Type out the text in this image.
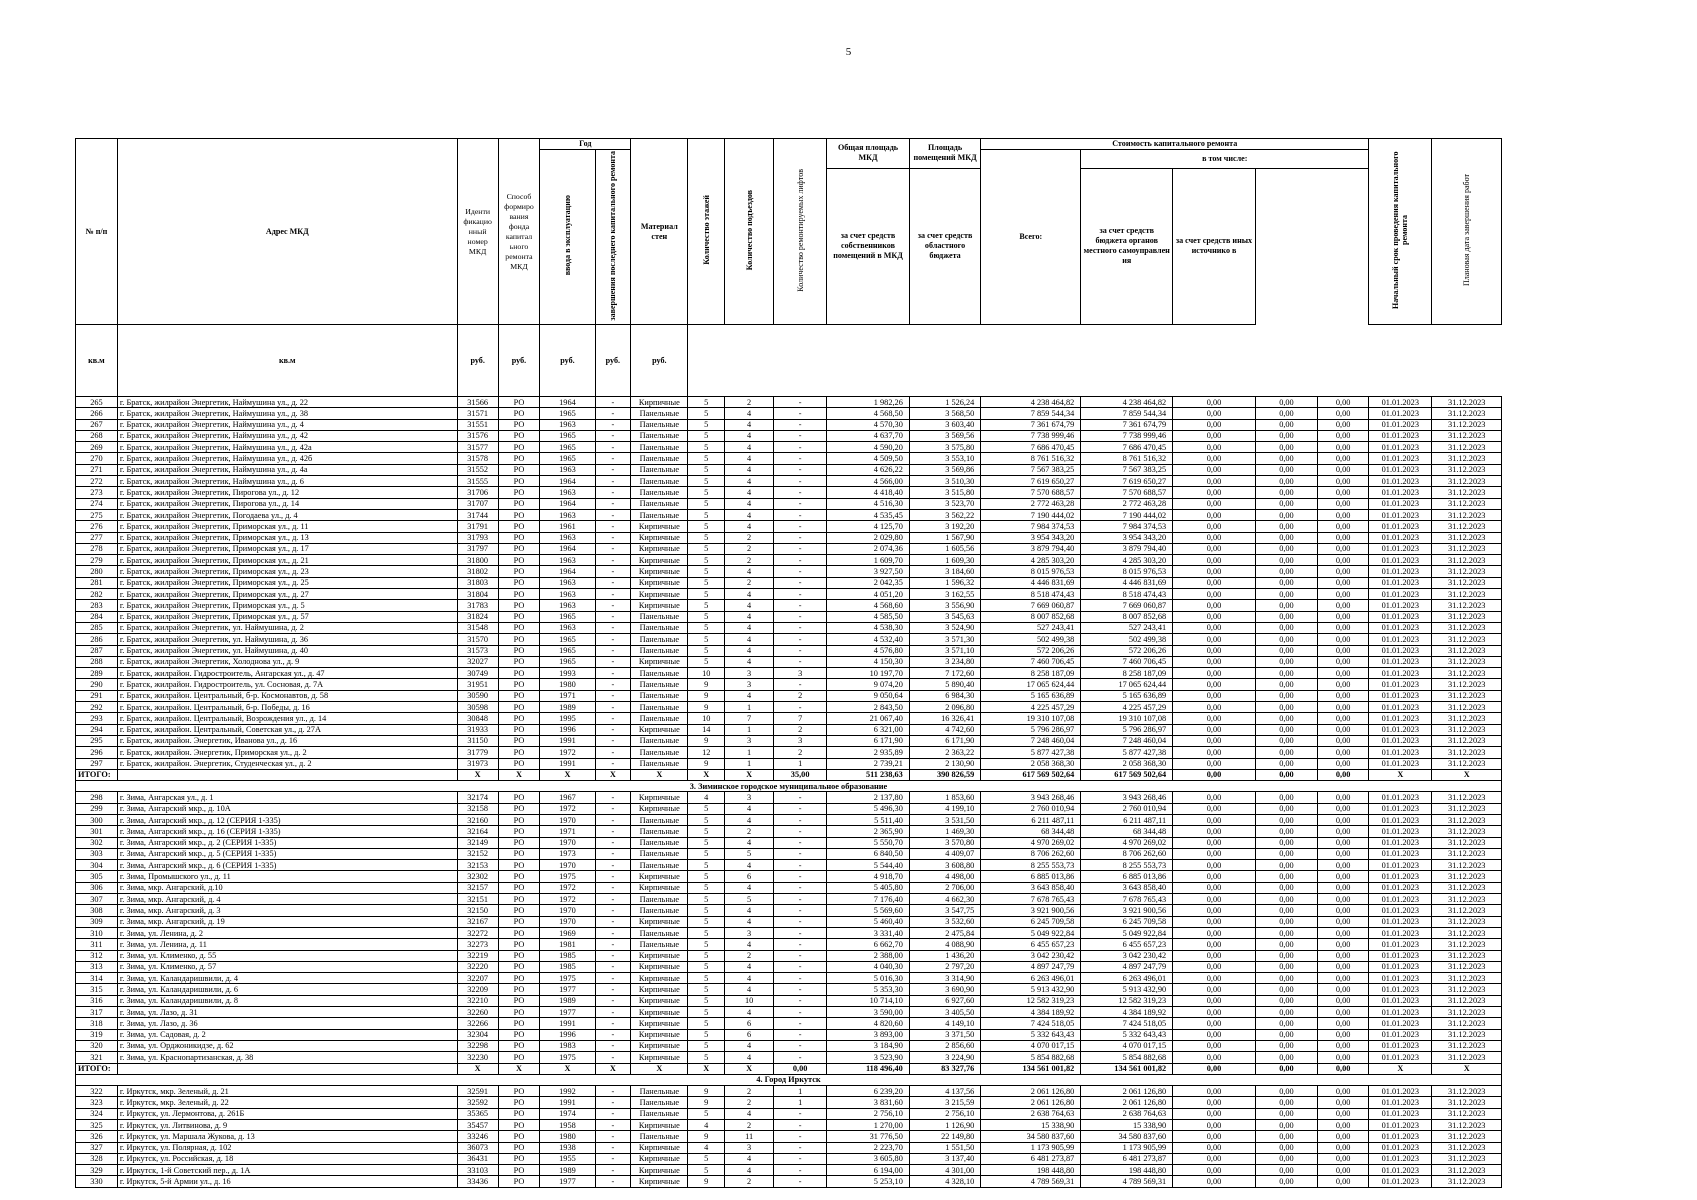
5
№ п/п	Адрес МКД	Иденти фикацио нный номер МКД	Способ формиро вания фонда капитал ьного ремонта МКД	Год		Материал стен	Количество этажей	Количество подъездов	Количество ремонтируемых лифтов	Общая площадь МКД	Площадь помещений МКД	Стоимость капитального ремонта					Начальный срок проведения капитального ремонта	Плановая дата завершения работ
				ввода в эксплуатацию	завершения последнего капитального ремонта							Всего:	в том числе:					
										за счет средств собственников помещений в МКД	за счет средств областного бюджета		за счет средств бюджета органов местного самоуправлен ия	за счет средств иных источнико в				
кв.м	кв.м	руб.	руб.	руб.	руб.	руб.												
265	г. Братск, жилрайон Энергетик, Наймушина ул., д. 22	31566	РО	1964	-	Кирпичные	5	2	-	1 982,26	1 526,24	4 238 464,82	4 238 464,82	0,00	0,00	0,00	01.01.2023	31.12.2023
266	г. Братск, жилрайон Энергетик, Наймушина ул., д. 38	31571	РО	1965	-	Панельные	5	4	-	4 568,50	3 568,50	7 859 544,34	7 859 544,34	0,00	0,00	0,00	01.01.2023	31.12.2023
267	г. Братск, жилрайон Энергетик, Наймушина ул., д. 4	31551	РО	1963	-	Панельные	5	4	-	4 570,30	3 603,40	7 361 674,79	7 361 674,79	0,00	0,00	0,00	01.01.2023	31.12.2023
268	г. Братск, жилрайон Энергетик, Наймушина ул., д. 42	31576	РО	1965	-	Панельные	5	4	-	4 637,70	3 569,56	7 738 999,46	7 738 999,46	0,00	0,00	0,00	01.01.2023	31.12.2023
269	г. Братск, жилрайон Энергетик, Наймушина ул., д. 42а	31577	РО	1965	-	Панельные	5	4	-	4 590,20	3 575,80	7 686 470,45	7 686 470,45	0,00	0,00	0,00	01.01.2023	31.12.2023
270	г. Братск, жилрайон Энергетик, Наймушина ул., д. 42б	31578	РО	1965	-	Панельные	5	4	-	4 509,50	3 553,10	8 761 516,32	8 761 516,32	0,00	0,00	0,00	01.01.2023	31.12.2023
271	г. Братск, жилрайон Энергетик, Наймушина ул., д. 4а	31552	РО	1963	-	Панельные	5	4	-	4 626,22	3 569,86	7 567 383,25	7 567 383,25	0,00	0,00	0,00	01.01.2023	31.12.2023
272	г. Братск, жилрайон Энергетик, Наймушина ул., д. 6	31555	РО	1964	-	Панельные	5	4	-	4 566,00	3 510,30	7 619 650,27	7 619 650,27	0,00	0,00	0,00	01.01.2023	31.12.2023
273	г. Братск, жилрайон Энергетик, Пирогова ул., д. 12	31706	РО	1963	-	Панельные	5	4	-	4 418,40	3 515,80	7 570 688,57	7 570 688,57	0,00	0,00	0,00	01.01.2023	31.12.2023
274	г. Братск, жилрайон Энергетик, Пирогова ул., д. 14	31707	РО	1964	-	Панельные	5	4	-	4 516,30	3 523,70	2 772 463,28	2 772 463,28	0,00	0,00	0,00	01.01.2023	31.12.2023
275	г. Братск, жилрайон Энергетик, Погодаева ул., д. 4	31744	РО	1963	-	Панельные	5	4	-	4 535,45	3 562,22	7 190 444,02	7 190 444,02	0,00	0,00	0,00	01.01.2023	31.12.2023
276	г. Братск, жилрайон Энергетик, Приморская ул., д. 11	31791	РО	1961	-	Кирпичные	5	4	-	4 125,70	3 192,20	7 984 374,53	7 984 374,53	0,00	0,00	0,00	01.01.2023	31.12.2023
277	г. Братск, жилрайон Энергетик, Приморская ул., д. 13	31793	РО	1963	-	Кирпичные	5	2	-	2 029,80	1 567,90	3 954 343,20	3 954 343,20	0,00	0,00	0,00	01.01.2023	31.12.2023
278	г. Братск, жилрайон Энергетик, Приморская ул., д. 17	31797	РО	1964	-	Кирпичные	5	2	-	2 074,36	1 605,56	3 879 794,40	3 879 794,40	0,00	0,00	0,00	01.01.2023	31.12.2023
279	г. Братск, жилрайон Энергетик, Приморская ул., д. 21	31800	РО	1963	-	Кирпичные	5	2	-	1 609,70	1 609,30	4 285 303,20	4 285 303,20	0,00	0,00	0,00	01.01.2023	31.12.2023
280	г. Братск, жилрайон Энергетик, Приморская ул., д. 23	31802	РО	1964	-	Кирпичные	5	4	-	3 927,50	3 184,60	8 015 976,53	8 015 976,53	0,00	0,00	0,00	01.01.2023	31.12.2023
281	г. Братск, жилрайон Энергетик, Приморская ул., д. 25	31803	РО	1963	-	Кирпичные	5	2	-	2 042,35	1 596,32	4 446 831,69	4 446 831,69	0,00	0,00	0,00	01.01.2023	31.12.2023
282	г. Братск, жилрайон Энергетик, Приморская ул., д. 27	31804	РО	1963	-	Кирпичные	5	4	-	4 051,20	3 162,55	8 518 474,43	8 518 474,43	0,00	0,00	0,00	01.01.2023	31.12.2023
283	г. Братск, жилрайон Энергетик, Приморская ул., д. 5	31783	РО	1963	-	Кирпичные	5	4	-	4 568,60	3 556,90	7 669 060,87	7 669 060,87	0,00	0,00	0,00	01.01.2023	31.12.2023
284	г. Братск, жилрайон Энергетик, Приморская ул., д. 57	31824	РО	1965	-	Панельные	5	4	-	4 585,50	3 545,63	8 007 852,68	8 007 852,68	0,00	0,00	0,00	01.01.2023	31.12.2023
285	г. Братск, жилрайон Энергетик, ул. Наймушина, д. 2	31548	РО	1963	-	Панельные	5	4	-	4 538,30	3 524,90	527 243,41	527 243,41	0,00	0,00	0,00	01.01.2023	31.12.2023
286	г. Братск, жилрайон Энергетик, ул. Наймушина, д. 36	31570	РО	1965	-	Панельные	5	4	-	4 532,40	3 571,30	502 499,38	502 499,38	0,00	0,00	0,00	01.01.2023	31.12.2023
287	г. Братск, жилрайон Энергетик, ул. Наймушина, д. 40	31573	РО	1965	-	Панельные	5	4	-	4 576,80	3 571,10	572 206,26	572 206,26	0,00	0,00	0,00	01.01.2023	31.12.2023
288	г. Братск, жилрайон Энергетик, Холоднова ул., д. 9	32027	РО	1965	-	Кирпичные	5	4	-	4 150,30	3 234,80	7 460 706,45	7 460 706,45	0,00	0,00	0,00	01.01.2023	31.12.2023
289	г. Братск, жилрайон. Гидростроитель, Ангарская ул., д. 47	30749	РО	1993	-	Панельные	10	3	3	10 197,70	7 172,60	8 258 187,09	8 258 187,09	0,00	0,00	0,00	01.01.2023	31.12.2023
290	г. Братск, жилрайон. Гидростроитель, ул. Сосновая, д. 7А	31951	РО	1980	-	Панельные	9	3	-	9 074,20	5 890,40	17 065 624,44	17 065 624,44	0,00	0,00	0,00	01.01.2023	31.12.2023
291	г. Братск, жилрайон. Центральный, б-р. Космонавтов, д. 58	30590	РО	1971	-	Панельные	9	4	2	9 050,64	6 984,30	5 165 636,89	5 165 636,89	0,00	0,00	0,00	01.01.2023	31.12.2023
292	г. Братск, жилрайон. Центральный, б-р. Победы, д. 16	30598	РО	1989	-	Панельные	9	1	-	2 843,50	2 096,80	4 225 457,29	4 225 457,29	0,00	0,00	0,00	01.01.2023	31.12.2023
293	г. Братск, жилрайон. Центральный, Возрождения ул., д. 14	30848	РО	1995	-	Панельные	10	7	7	21 067,40	16 326,41	19 310 107,08	19 310 107,08	0,00	0,00	0,00	01.01.2023	31.12.2023
294	г. Братск, жилрайон. Центральный, Советская ул., д. 27А	31933	РО	1996	-	Кирпичные	14	1	2	6 321,00	4 742,60	5 796 286,97	5 796 286,97	0,00	0,00	0,00	01.01.2023	31.12.2023
295	г. Братск, жилрайон. Энергетик, Иванова ул., д. 16	31150	РО	1991	-	Панельные	9	3	3	6 171,90	6 171,90	7 248 460,04	7 248 460,04	0,00	0,00	0,00	01.01.2023	31.12.2023
296	г. Братск, жилрайон. Энергетик, Приморская ул., д. 2	31779	РО	1972	-	Панельные	12	1	2	2 935,89	2 363,22	5 877 427,38	5 877 427,38	0,00	0,00	0,00	01.01.2023	31.12.2023
297	г. Братск, жилрайон. Энергетик, Студенческая ул., д. 2	31973	РО	1991	-	Панельные	9	1	1	2 739,21	2 130,90	2 058 368,30	2 058 368,30	0,00	0,00	0,00	01.01.2023	31.12.2023
ИТОГО:		X	X	X	X	X	X	X	35,00	511 238,63	390 826,59	617 569 502,64	617 569 502,64	0,00	0,00	0,00	X	X
3. Зиминское городское муниципальное образование																		
298	г. Зима, Ангарская ул., д. 1	32174	РО	1967	-	Кирпичные	4	3	-	2 137,80	1 853,60	3 943 268,46	3 943 268,46	0,00	0,00	0,00	01.01.2023	31.12.2023
299	г. Зима, Ангарский мкр., д. 10А	32158	РО	1972	-	Кирпичные	5	4	-	5 496,30	4 199,10	2 760 010,94	2 760 010,94	0,00	0,00	0,00	01.01.2023	31.12.2023
300	г. Зима, Ангарский мкр., д. 12 (СЕРИЯ 1-335)	32160	РО	1970	-	Панельные	5	4	-	5 511,40	3 531,50	6 211 487,11	6 211 487,11	0,00	0,00	0,00	01.01.2023	31.12.2023
301	г. Зима, Ангарский мкр., д. 16 (СЕРИЯ 1-335)	32164	РО	1971	-	Панельные	5	2	-	2 365,90	1 469,30	68 344,48	68 344,48	0,00	0,00	0,00	01.01.2023	31.12.2023
302	г. Зима, Ангарский мкр., д. 2 (СЕРИЯ 1-335)	32149	РО	1970	-	Панельные	5	4	-	5 550,70	3 570,80	4 970 269,02	4 970 269,02	0,00	0,00	0,00	01.01.2023	31.12.2023
303	г. Зима, Ангарский мкр., д. 5 (СЕРИЯ 1-335)	32152	РО	1973	-	Панельные	5	5	-	6 840,50	4 409,07	8 706 262,60	8 706 262,60	0,00	0,00	0,00	01.01.2023	31.12.2023
304	г. Зима, Ангарский мкр., д. 6 (СЕРИЯ 1-335)	32153	РО	1970	-	Панельные	5	4	-	5 544,40	3 608,80	8 255 553,73	8 255 553,73	0,00	0,00	0,00	01.01.2023	31.12.2023
305	г. Зима, Промышского ул., д. 11	32302	РО	1975	-	Кирпичные	5	6	-	4 918,70	4 498,00	6 885 013,86	6 885 013,86	0,00	0,00	0,00	01.01.2023	31.12.2023
306	г. Зима, мкр. Ангарский, д.10	32157	РО	1972	-	Кирпичные	5	4	-	5 405,80	2 706,00	3 643 858,40	3 643 858,40	0,00	0,00	0,00	01.01.2023	31.12.2023
307	г. Зима, мкр. Ангарский, д. 4	32151	РО	1972	-	Панельные	5	5	-	7 176,40	4 662,30	7 678 765,43	7 678 765,43	0,00	0,00	0,00	01.01.2023	31.12.2023
308	г. Зима, мкр. Ангарский, д. 3	32150	РО	1970	-	Панельные	5	4	-	5 569,60	3 547,75	3 921 900,56	3 921 900,56	0,00	0,00	0,00	01.01.2023	31.12.2023
309	г. Зима, мкр. Ангарский, д. 19	32167	РО	1970	-	Кирпичные	5	4	-	5 460,40	3 532,60	6 245 709,58	6 245 709,58	0,00	0,00	0,00	01.01.2023	31.12.2023
310	г. Зима, ул. Ленина, д. 2	32272	РО	1969	-	Панельные	5	3	-	3 331,40	2 475,84	5 049 922,84	5 049 922,84	0,00	0,00	0,00	01.01.2023	31.12.2023
311	г. Зима, ул. Ленина, д. 11	32273	РО	1981	-	Панельные	5	4	-	6 662,70	4 088,90	6 455 657,23	6 455 657,23	0,00	0,00	0,00	01.01.2023	31.12.2023
312	г. Зима, ул. Клименко, д. 55	32219	РО	1985	-	Кирпичные	5	2	-	2 388,00	1 436,20	3 042 230,42	3 042 230,42	0,00	0,00	0,00	01.01.2023	31.12.2023
313	г. Зима, ул. Клименко, д. 57	32220	РО	1985	-	Кирпичные	5	4	-	4 040,30	2 797,20	4 897 247,79	4 897 247,79	0,00	0,00	0,00	01.01.2023	31.12.2023
314	г. Зима, ул. Каландаришвили, д. 4	32207	РО	1975	-	Кирпичные	5	4	-	5 016,30	3 314,90	6 263 496,01	6 263 496,01	0,00	0,00	0,00	01.01.2023	31.12.2023
315	г. Зима, ул. Каландаришвили, д. 6	32209	РО	1977	-	Кирпичные	5	4	-	5 353,30	3 690,90	5 913 432,90	5 913 432,90	0,00	0,00	0,00	01.01.2023	31.12.2023
316	г. Зима, ул. Каландаришвили, д. 8	32210	РО	1989	-	Кирпичные	5	10	-	10 714,10	6 927,60	12 582 319,23	12 582 319,23	0,00	0,00	0,00	01.01.2023	31.12.2023
317	г. Зима, ул. Лазо, д. 31	32260	РО	1977	-	Кирпичные	5	4	-	3 590,00	3 405,50	4 384 189,92	4 384 189,92	0,00	0,00	0,00	01.01.2023	31.12.2023
318	г. Зима, ул. Лазо, д. 36	32266	РО	1991	-	Кирпичные	5	6	-	4 820,60	4 149,10	7 424 518,05	7 424 518,05	0,00	0,00	0,00	01.01.2023	31.12.2023
319	г. Зима, ул. Садовая, д. 2	32304	РО	1996	-	Кирпичные	5	6	-	3 893,00	3 371,50	5 332 643,43	5 332 643,43	0,00	0,00	0,00	01.01.2023	31.12.2023
320	г. Зима, ул. Орджоникидзе, д. 62	32298	РО	1983	-	Кирпичные	5	4	-	3 184,90	2 856,60	4 070 017,15	4 070 017,15	0,00	0,00	0,00	01.01.2023	31.12.2023
321	г. Зима, ул. Краснопартизанская, д. 38	32230	РО	1975	-	Кирпичные	5	4	-	3 523,90	3 224,90	5 854 882,68	5 854 882,68	0,00	0,00	0,00	01.01.2023	31.12.2023
ИТОГО:		X	X	X	X	X	X	X	0,00	118 496,40	83 327,76	134 561 001,82	134 561 001,82	0,00	0,00	0,00	X	X
4. Город Иркутск																		
322	г. Иркутск, мкр. Зеленый, д. 21	32591	РО	1992	-	Панельные	9	2	1	6 239,20	4 137,56	2 061 126,80	2 061 126,80	0,00	0,00	0,00	01.01.2023	31.12.2023
323	г. Иркутск, мкр. Зеленый, д. 22	32592	РО	1991	-	Панельные	9	2	1	3 831,60	3 215,59	2 061 126,80	2 061 126,80	0,00	0,00	0,00	01.01.2023	31.12.2023
324	г. Иркутск, ул. Лермонтова, д. 261Б	35365	РО	1974	-	Панельные	5	4	-	2 756,10	2 756,10	2 638 764,63	2 638 764,63	0,00	0,00	0,00	01.01.2023	31.12.2023
325	г. Иркутск, ул. Литвинова, д. 9	35457	РО	1958	-	Кирпичные	4	2	-	1 270,00	1 126,90	15 338,90	15 338,90	0,00	0,00	0,00	01.01.2023	31.12.2023
326	г. Иркутск, ул. Маршала Жукова, д. 13	33246	РО	1980	-	Панельные	9	11	-	31 776,50	22 149,80	34 580 837,60	34 580 837,60	0,00	0,00	0,00	01.01.2023	31.12.2023
327	г. Иркутск, ул. Полярная, д. 102	36073	РО	1938	-	Кирпичные	4	3	-	2 223,70	1 551,50	1 173 905,99	1 173 905,99	0,00	0,00	0,00	01.01.2023	31.12.2023
328	г. Иркутск, ул. Российская, д. 18	36431	РО	1955	-	Кирпичные	5	4	-	3 605,80	3 137,40	6 481 273,87	6 481 273,87	0,00	0,00	0,00	01.01.2023	31.12.2023
329	г. Иркутск, 1-й Советский пер., д. 1А	33103	РО	1989	-	Кирпичные	5	4	-	6 194,00	4 301,00	198 448,80	198 448,80	0,00	0,00	0,00	01.01.2023	31.12.2023
330	г. Иркутск, 5-й Армии ул., д. 16	33436	РО	1977	-	Кирпичные	9	2	-	5 253,10	4 328,10	4 789 569,31	4 789 569,31	0,00	0,00	0,00	01.01.2023	31.12.2023
